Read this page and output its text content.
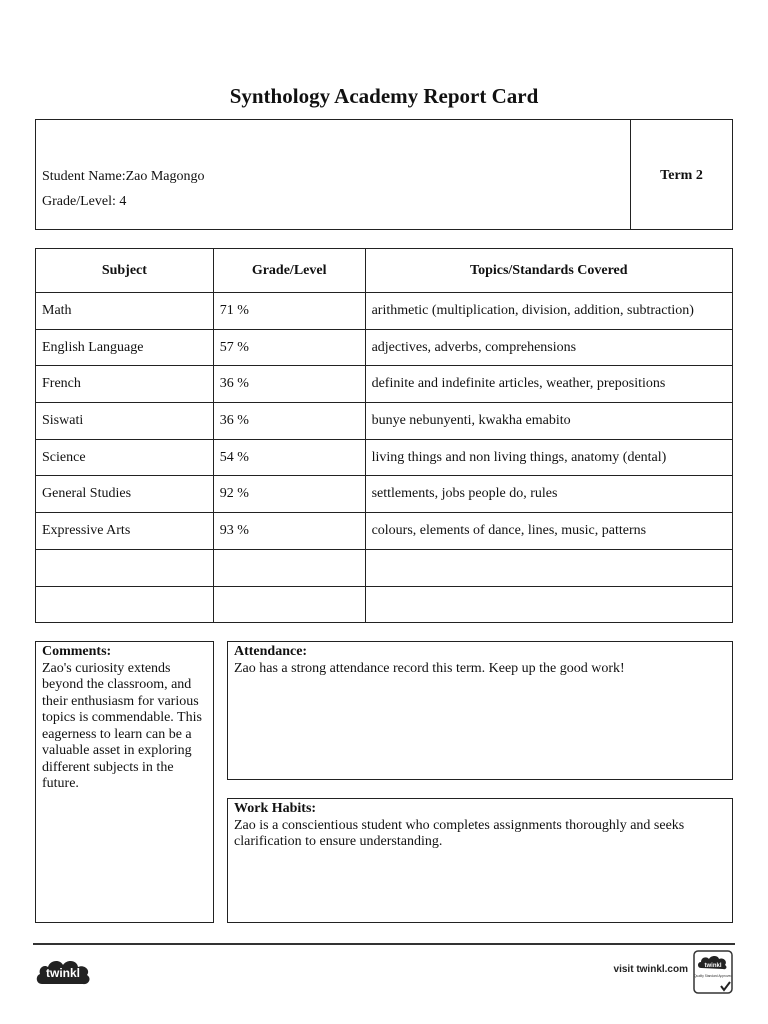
Synthology Academy Report Card
Student Name:Zao Magongo
Grade/Level: 4
Term 2
Subject	Grade/Level	Topics/Standards Covered
Math	71 %	arithmetic (multiplication, division, addition, subtraction)
English Language	57 %	adjectives, adverbs, comprehensions
French	36 %	definite and indefinite articles, weather, prepositions
Siswati	36 %	bunye nebunyenti, kwakha emabito
Science	54 %	living things and non living things, anatomy (dental)
General Studies	92 %	settlements, jobs people do, rules
Expressive Arts	93 %	colours, elements of dance, lines, music, patterns

Comments:
Zao's curiosity extends beyond the classroom, and their enthusiasm for various topics is commendable. This eagerness to learn can be a valuable asset in exploring different subjects in the future.
Attendance:
Zao has a strong attendance record this term. Keep up the good work!
Work Habits:
Zao is a conscientious student who completes assignments thoroughly and seeks clarification to ensure understanding.
twinkl	visit twinkl.com	twinkl
Quality Standard Approved
